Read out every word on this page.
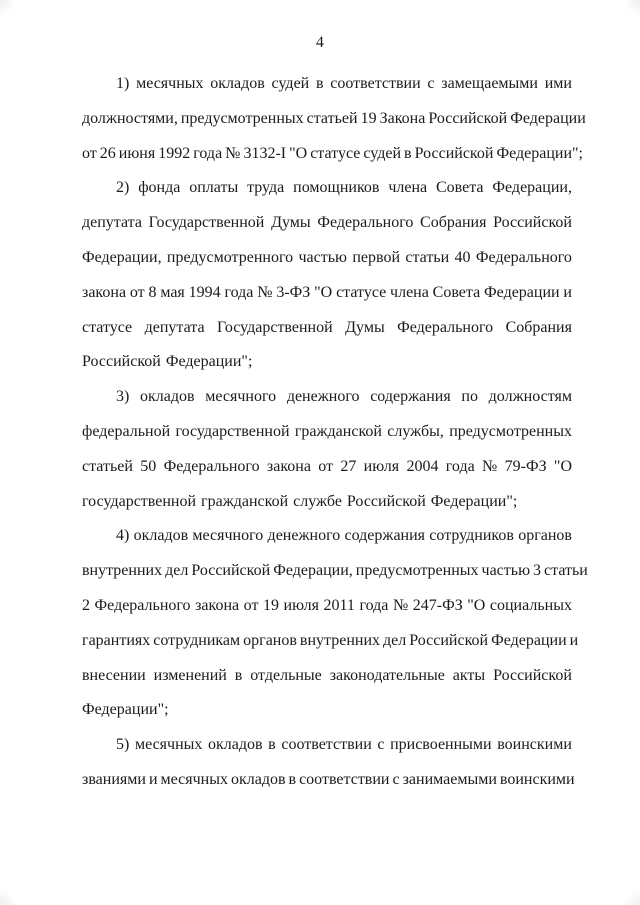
4
1) месячных окладов судей в соответствии с замещаемыми ими
должностями, предусмотренных статьей 19 Закона Российской Федерации
от 26 июня 1992 года № 3132-I "О статусе судей в Российской Федерации";
2) фонда оплаты труда помощников члена Совета Федерации,
депутата Государственной Думы Федерального Собрания Российской
Федерации, предусмотренного частью первой статьи 40 Федерального
закона от 8 мая 1994 года № 3-ФЗ "О статусе члена Совета Федерации и
статусе депутата Государственной Думы Федерального Собрания
Российской Федерации";
3) окладов месячного денежного содержания по должностям
федеральной государственной гражданской службы, предусмотренных
статьей 50 Федерального закона от 27 июля 2004 года № 79-ФЗ "О
государственной гражданской службе Российской Федерации";
4) окладов месячного денежного содержания сотрудников органов
внутренних дел Российской Федерации, предусмотренных частью 3 статьи
2 Федерального закона от 19 июля 2011 года № 247-ФЗ "О социальных
гарантиях сотрудникам органов внутренних дел Российской Федерации и
внесении изменений в отдельные законодательные акты Российской
Федерации";
5) месячных окладов в соответствии с присвоенными воинскими
званиями и месячных окладов в соответствии с занимаемыми воинскими
